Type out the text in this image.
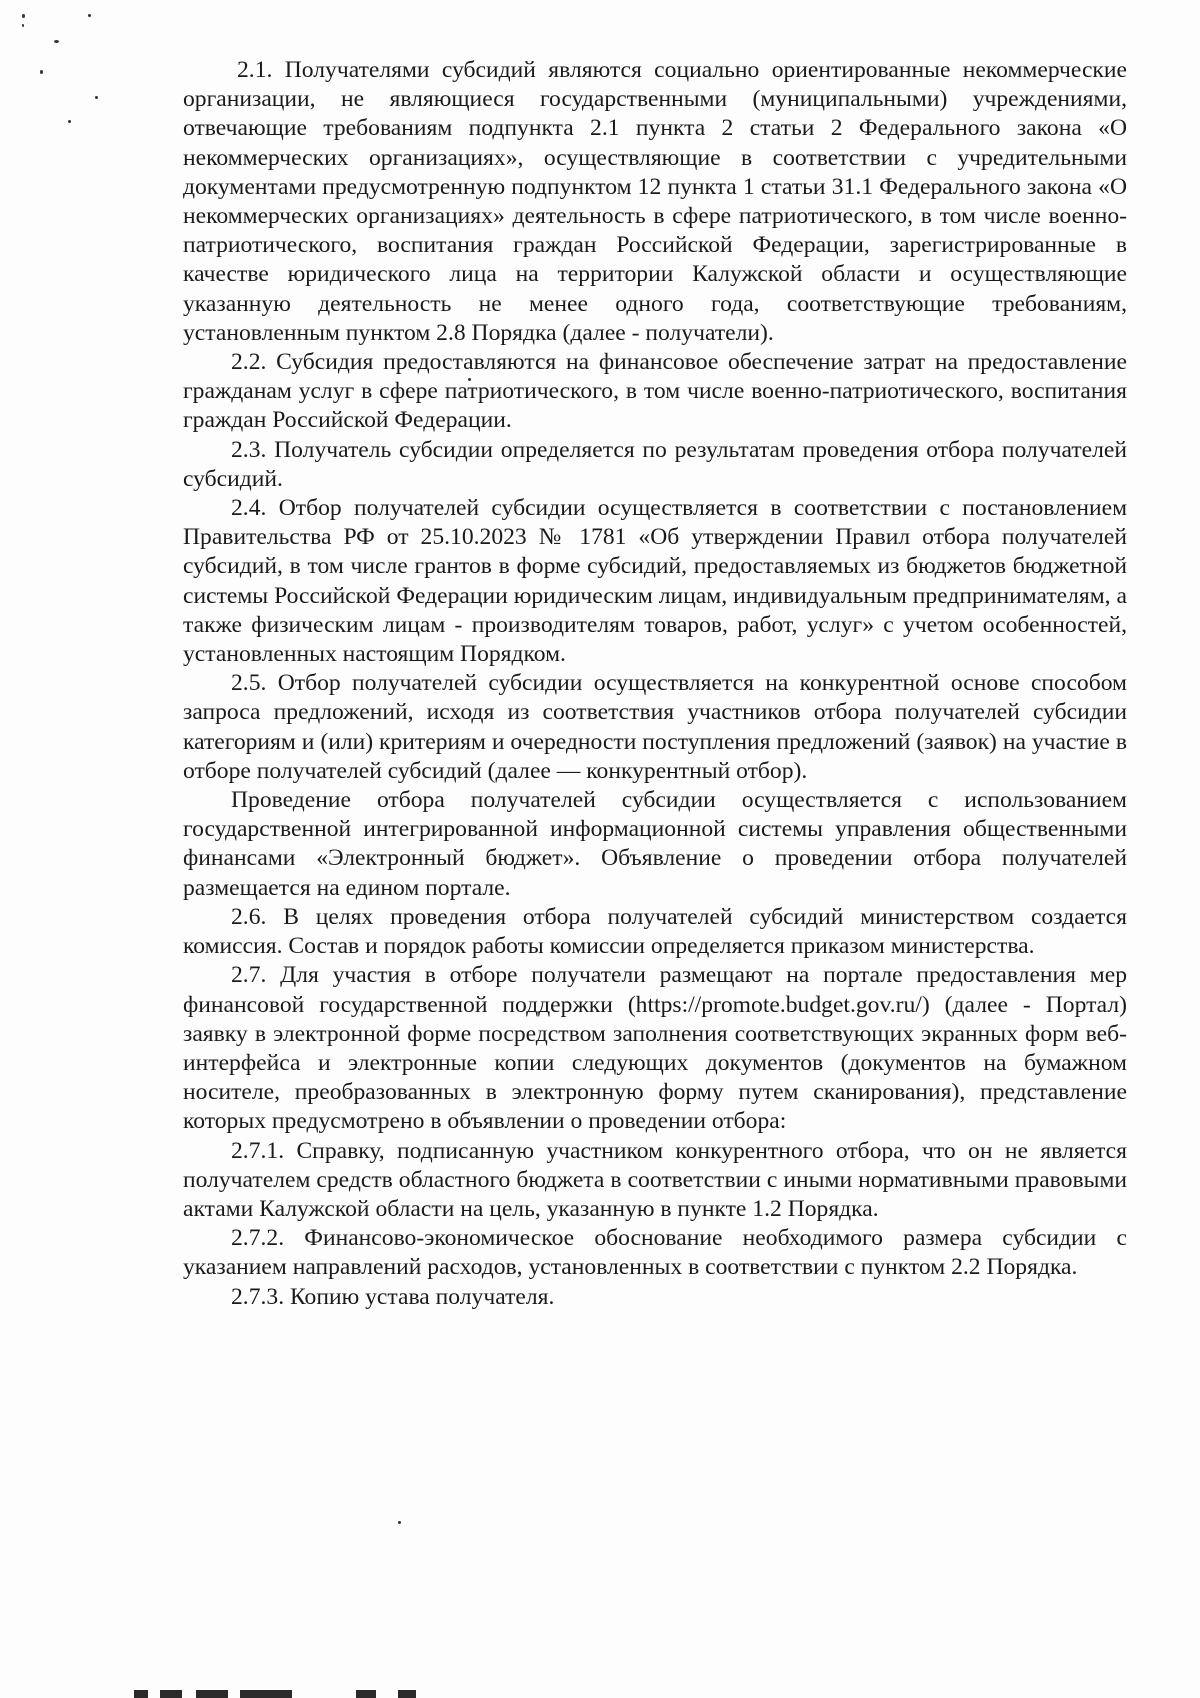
2.1. Получателями субсидий являются социально ориентированные некоммерческие организации, не являющиеся государственными (муниципальными) учреждениями, отвечающие требованиям подпункта 2.1 пункта 2 статьи 2 Федерального закона «О некоммерческих организациях», осуществляющие в соответствии с учредительными документами предусмотренную подпунктом 12 пункта 1 статьи 31.1 Федерального закона «О некоммерческих организациях» деятельность в сфере патриотического, в том числе военно-патриотического, воспитания граждан Российской Федерации, зарегистрированные в качестве юридического лица на территории Калужской области и осуществляющие указанную деятельность не менее одного года, соответствующие требованиям, установленным пунктом 2.8 Порядка (далее - получатели).

2.2. Субсидия предоставляются на финансовое обеспечение затрат на предоставление гражданам услуг в сфере патриотического, в том числе военно-патриотического, воспитания граждан Российской Федерации.

2.3. Получатель субсидии определяется по результатам проведения отбора получателей субсидий.

2.4. Отбор получателей субсидии осуществляется в соответствии с постановлением Правительства РФ от 25.10.2023 № 1781 «Об утверждении Правил отбора получателей субсидий, в том числе грантов в форме субсидий, предоставляемых из бюджетов бюджетной системы Российской Федерации юридическим лицам, индивидуальным предпринимателям, а также физическим лицам - производителям товаров, работ, услуг» с учетом особенностей, установленных настоящим Порядком.

2.5. Отбор получателей субсидии осуществляется на конкурентной основе способом запроса предложений, исходя из соответствия участников отбора получателей субсидии категориям и (или) критериям и очередности поступления предложений (заявок) на участие в отборе получателей субсидий (далее — конкурентный отбор).

Проведение отбора получателей субсидии осуществляется с использованием государственной интегрированной информационной системы управления общественными финансами «Электронный бюджет». Объявление о проведении отбора получателей размещается на едином портале.

2.6. В целях проведения отбора получателей субсидий министерством создается комиссия. Состав и порядок работы комиссии определяется приказом министерства.

2.7. Для участия в отборе получатели размещают на портале предоставления мер финансовой государственной поддержки (https://promote.budget.gov.ru/) (далее - Портал) заявку в электронной форме посредством заполнения соответствующих экранных форм веб-интерфейса и электронные копии следующих документов (документов на бумажном носителе, преобразованных в электронную форму путем сканирования), представление которых предусмотрено в объявлении о проведении отбора:

2.7.1. Справку, подписанную участником конкурентного отбора, что он не является получателем средств областного бюджета в соответствии с иными нормативными правовыми актами Калужской области на цель, указанную в пункте 1.2 Порядка.

2.7.2. Финансово-экономическое обоснование необходимого размера субсидии с указанием направлений расходов, установленных в соответствии с пунктом 2.2 Порядка.

2.7.3. Копию устава получателя.
